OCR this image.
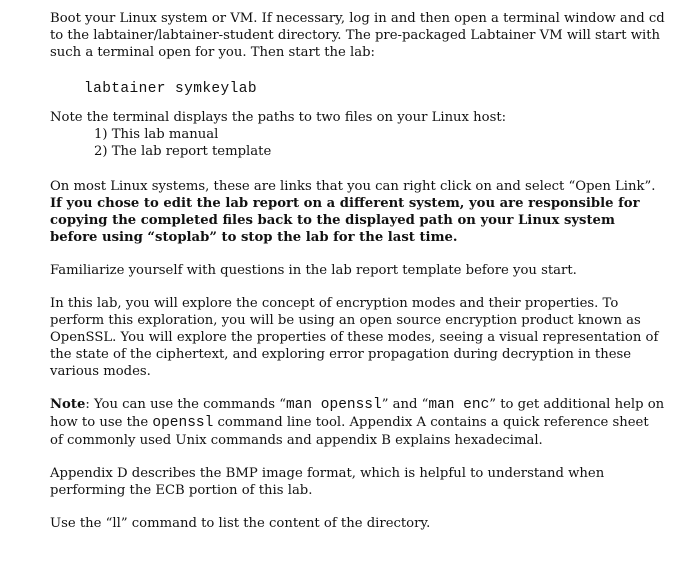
Boot your Linux system or VM. If necessary, log in and then open a terminal window and cd to the labtainer/labtainer-student directory. The pre-packaged Labtainer VM will start with such a terminal open for you. Then start the lab:

labtainer symkeylab

Note the terminal displays the paths to two files on your Linux host:

1) This lab manual
2) The lab report template

On most Linux systems, these are links that you can right click on and select “Open Link”. If you chose to edit the lab report on a different system, you are responsible for copying the completed files back to the displayed path on your Linux system before using “stoplab” to stop the lab for the last time.

Familiarize yourself with questions in the lab report template before you start.

In this lab, you will explore the concept of encryption modes and their properties. To perform this exploration, you will be using an open source encryption product known as OpenSSL. You will explore the properties of these modes, seeing a visual representation of the state of the ciphertext, and exploring error propagation during decryption in these various modes.

Note: You can use the commands “man openssl” and “man enc” to get additional help on how to use the openssl command line tool. Appendix A contains a quick reference sheet of commonly used Unix commands and appendix B explains hexadecimal.

Appendix D describes the BMP image format, which is helpful to understand when performing the ECB portion of this lab.

Use the “ll” command to list the content of the directory.
